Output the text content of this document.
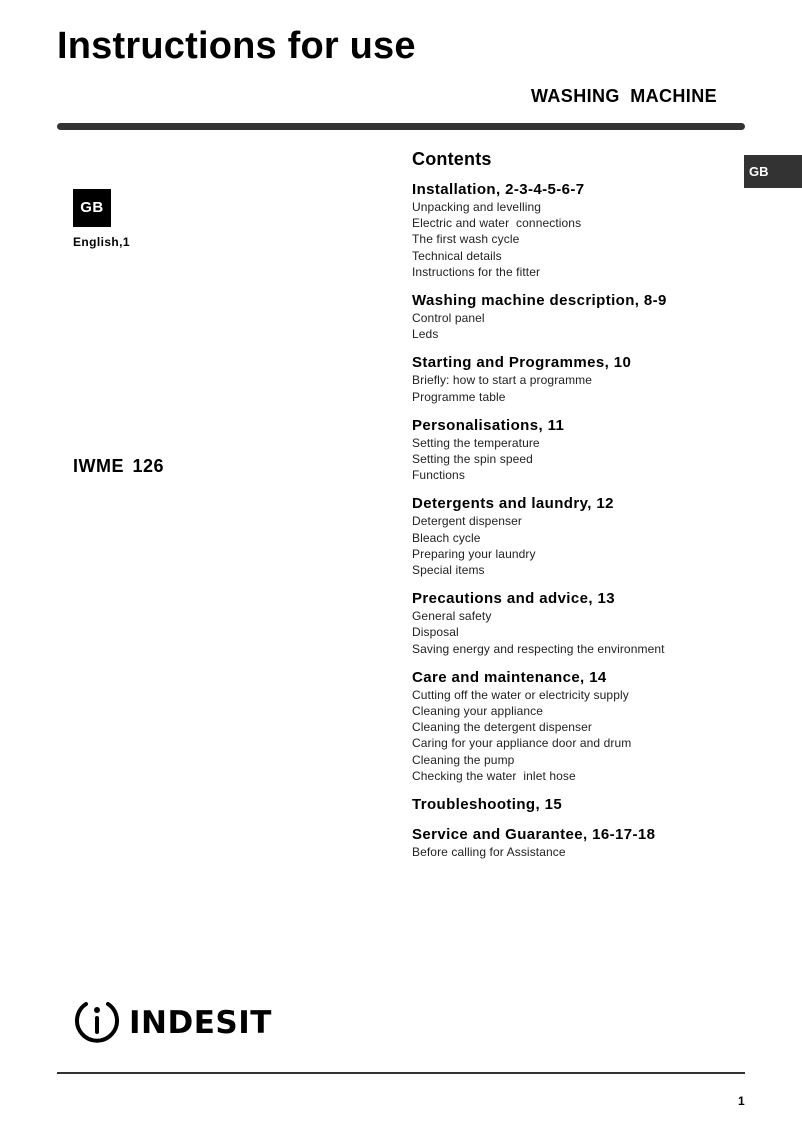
Instructions for use
WASHING MACHINE
GB
GB
English,1
IWME 126
Contents
Installation, 2-3-4-5-6-7
Unpacking and levelling
Electric and water  connections
The first wash cycle
Technical details
Instructions for the fitter
Washing machine description, 8-9
Control panel
Leds
Starting and Programmes, 10
Briefly: how to start a programme
Programme table
Personalisations, 11
Setting the temperature
Setting the spin speed
Functions
Detergents and laundry, 12
Detergent dispenser
Bleach cycle
Preparing your laundry
Special items
Precautions and advice, 13
General safety
Disposal
Saving energy and respecting the environment
Care and maintenance, 14
Cutting off the water or electricity supply
Cleaning your appliance
Cleaning the detergent dispenser
Caring for your appliance door and drum
Cleaning the pump
Checking the water  inlet hose
Troubleshooting, 15
Service and Guarantee, 16-17-18
Before calling for Assistance
INDESIT
1
